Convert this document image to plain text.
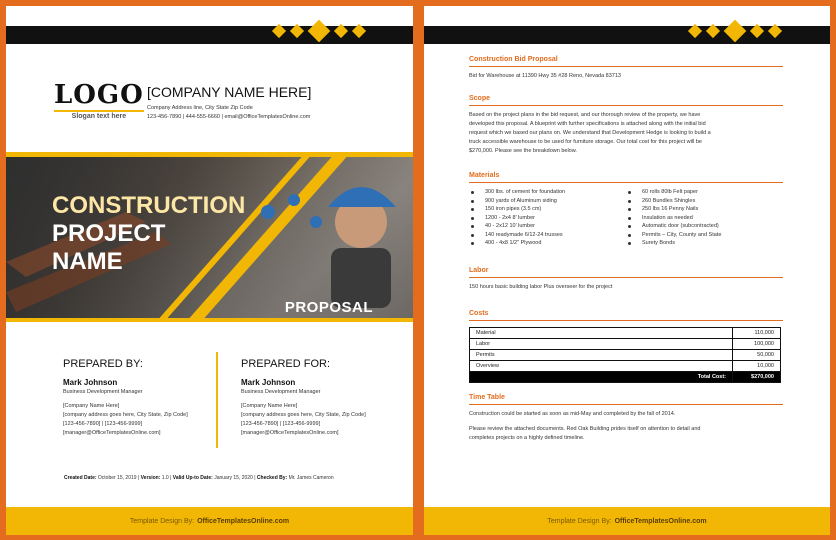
LOGO
Slogan text here
[COMPANY NAME HERE]
Company Address line, City State Zip Code
123-456-7890 | 444-555-6660 | email@OfficeTemplatesOnline.com
CONSTRUCTION
PROJECT
NAME
PROPOSAL
PREPARED BY:
Mark Johnson
Business Development Manager
[Company Name Here]
[company address goes here, City State, Zip Code]
[123-456-7890] | [123-456-9999]
[manager@OfficeTemplatesOnline.com]
PREPARED FOR:
Mark Johnson
Business Development Manager
[Company Name Here]
[company address goes here, City State, Zip Code]
[123-456-7890] | [123-456-9999]
[manager@OfficeTemplatesOnline.com]
Created Date: October 15, 2019 | Version: 1.0 | Valid Up-to Date: January 15, 2020 | Checked By: Mr. James Cameron
Template Design By: OfficeTemplatesOnline.com
Construction Bid Proposal
Bid for Warehouse at 11390 Hwy 35 #28 Reno, Nevada 83713
Scope
Based on the project plans in the bid request, and our thorough review of the property, we have
developed this proposal. A blueprint with further specifications is attached along with the initial bid
request which we based our plans on. We understand that Development Hedge is looking to build a
truck accessible warehouse to be used for furniture storage. Our total cost for this project will be
$270,000. Please see the breakdown below.
Materials
300 lbs. of cement for foundation
900 yards of Aluminum siding
150 iron pipes (3.5 cm)
1200 - 2x4 8' lumber
40 - 2x12 10' lumber
140 readymade 6/12-24 trusses
400 - 4x8 1/2" Plywood
60 rolls 80lb Felt paper
260 Bundles Shingles
250 lbs 16 Penny Nails
Insulation as needed
Automatic door (subcontracted)
Permits – City, County and State
Surety Bonds
Labor
150 hours basic building labor Plus overseer for the project
Costs
Material	110,000
Labor	100,000
Permits	50,000
Overview	10,000
Total Cost:	$270,000
Time Table
Construction could be started as soon as mid-May and completed by the fall of 2014.
Please review the attached documents. Red Oak Building prides itself on attention to detail and
completes projects on a highly defined timeline.
Template Design By: OfficeTemplatesOnline.com
